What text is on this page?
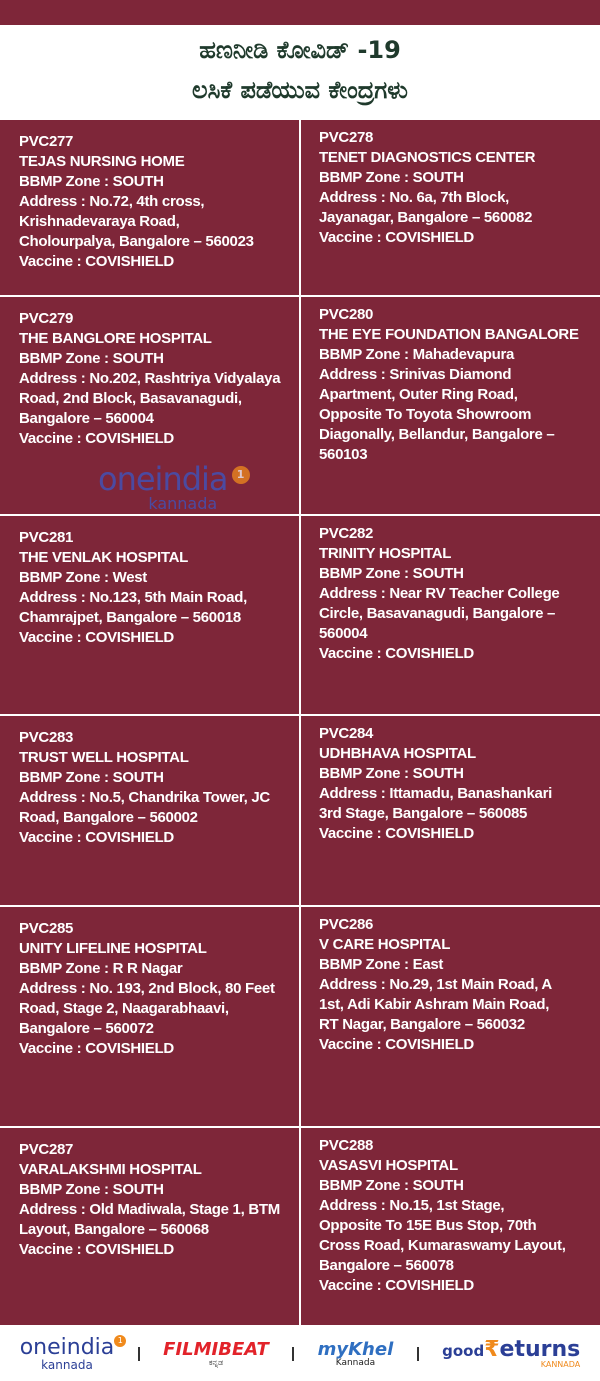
ಹಣನೀಡಿ ಕೋವಿಡ್ -19
ಲಸಿಕೆ ಪಡೆಯುವ ಕೇಂದ್ರಗಳು
PVC277
TEJAS NURSING HOME
BBMP Zone : SOUTH
Address : No.72, 4th cross,
Krishnadevaraya Road,
Cholourpalya, Bangalore – 560023
Vaccine : COVISHIELD
PVC278
TENET DIAGNOSTICS CENTER
BBMP Zone : SOUTH
Address : No. 6a, 7th Block,
Jayanagar, Bangalore – 560082
Vaccine : COVISHIELD
PVC279
THE BANGLORE HOSPITAL
BBMP Zone : SOUTH
Address : No.202, Rashtriya Vidyalaya
Road, 2nd Block, Basavanagudi,
Bangalore – 560004
Vaccine : COVISHIELD
oneindia 1
kannada
PVC280
THE EYE FOUNDATION BANGALORE
BBMP Zone : Mahadevapura
Address : Srinivas Diamond
Apartment, Outer Ring Road,
Opposite To Toyota Showroom
Diagonally, Bellandur, Bangalore –
560103
PVC281
THE VENLAK HOSPITAL
BBMP Zone : West
Address : No.123, 5th Main Road,
Chamrajpet, Bangalore – 560018
Vaccine : COVISHIELD
PVC282
TRINITY HOSPITAL
BBMP Zone : SOUTH
Address : Near RV Teacher College
Circle, Basavanagudi, Bangalore –
560004
Vaccine : COVISHIELD
PVC283
TRUST WELL HOSPITAL
BBMP Zone : SOUTH
Address : No.5, Chandrika Tower, JC
Road, Bangalore – 560002
Vaccine : COVISHIELD
PVC284
UDHBHAVA HOSPITAL
BBMP Zone : SOUTH
Address : Ittamadu, Banashankari
3rd Stage, Bangalore – 560085
Vaccine : COVISHIELD
PVC285
UNITY LIFELINE HOSPITAL
BBMP Zone : R R Nagar
Address : No. 193, 2nd Block, 80 Feet
Road, Stage 2, Naagarabhaavi,
Bangalore – 560072
Vaccine : COVISHIELD
PVC286
V CARE HOSPITAL
BBMP Zone : East
Address : No.29, 1st Main Road, A
1st, Adi Kabir Ashram Main Road,
RT Nagar, Bangalore – 560032
Vaccine : COVISHIELD
PVC287
VARALAKSHMI HOSPITAL
BBMP Zone : SOUTH
Address : Old Madiwala, Stage 1, BTM
Layout, Bangalore – 560068
Vaccine : COVISHIELD
PVC288
VASASVI HOSPITAL
BBMP Zone : SOUTH
Address : No.15, 1st Stage,
Opposite To 15E Bus Stop, 70th
Cross Road, Kumaraswamy Layout,
Bangalore – 560078
Vaccine : COVISHIELD
oneindia
kannada
1 FILMIBEAT
ಕನ್ನಡ
myKhel
Kannada
good₹eturns
KANNADA
